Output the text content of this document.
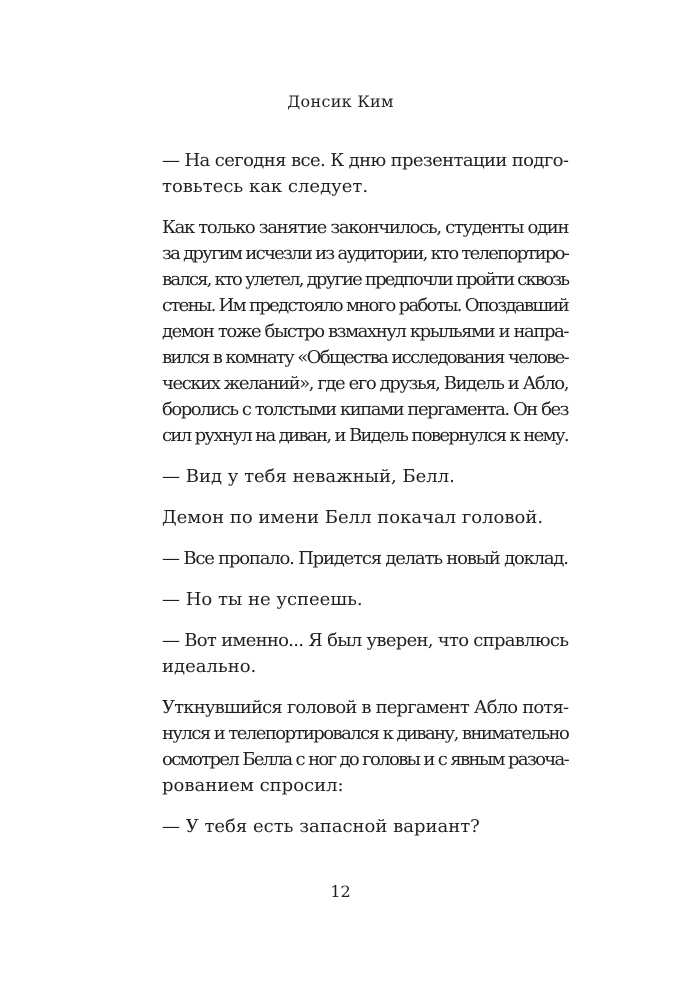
Донсик Ким

— На сегодня все. К дню презентации подго-
товьтесь как следует.

Как только занятие закончилось, студенты один
за другим исчезли из аудитории, кто телепортиро-
вался, кто улетел, другие предпочли пройти сквозь
стены. Им предстояло много работы. Опоздавший
демон тоже быстро взмахнул крыльями и напра-
вился в комнату «Общества исследования челове-
ческих желаний», где его друзья, Видель и Абло,
боролись с толстыми кипами пергамента. Он без
сил рухнул на диван, и Видель повернулся к нему.

— Вид у тебя неважный, Белл.

Демон по имени Белл покачал головой.

— Все пропало. Придется делать новый доклад.

— Но ты не успеешь.

— Вот именно... Я был уверен, что справлюсь
идеально.

Уткнувшийся головой в пергамент Абло потя-
нулся и телепортировался к дивану, внимательно
осмотрел Белла с ног до головы и с явным разоча-
рованием спросил:

— У тебя есть запасной вариант?

12
